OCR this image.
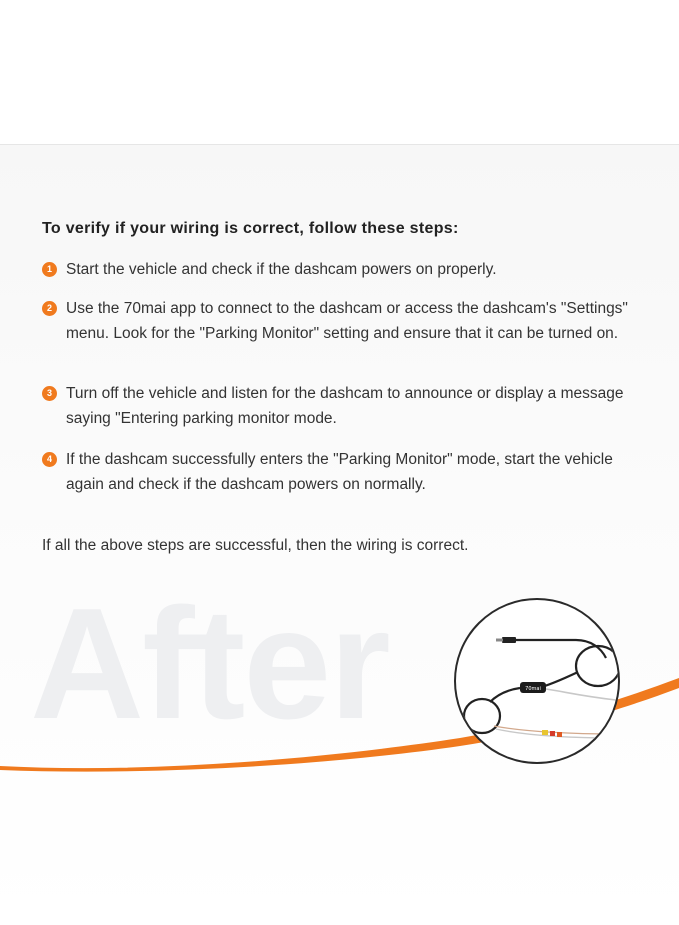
After
To verify if your wiring is correct, follow these steps:
1 Start the vehicle and check if the dashcam powers on properly.
2 Use the 70mai app to connect to the dashcam or access the dashcam's "Settings" menu. Look for the "Parking Monitor" setting and ensure that it can be turned on.
3 Turn off the vehicle and listen for the dashcam to announce or display a message saying "Entering parking monitor mode.
4 If the dashcam successfully enters the "Parking Monitor" mode, start the vehicle again and check if the dashcam powers on normally.
If all the above steps are successful, then the wiring is correct.
70mai
